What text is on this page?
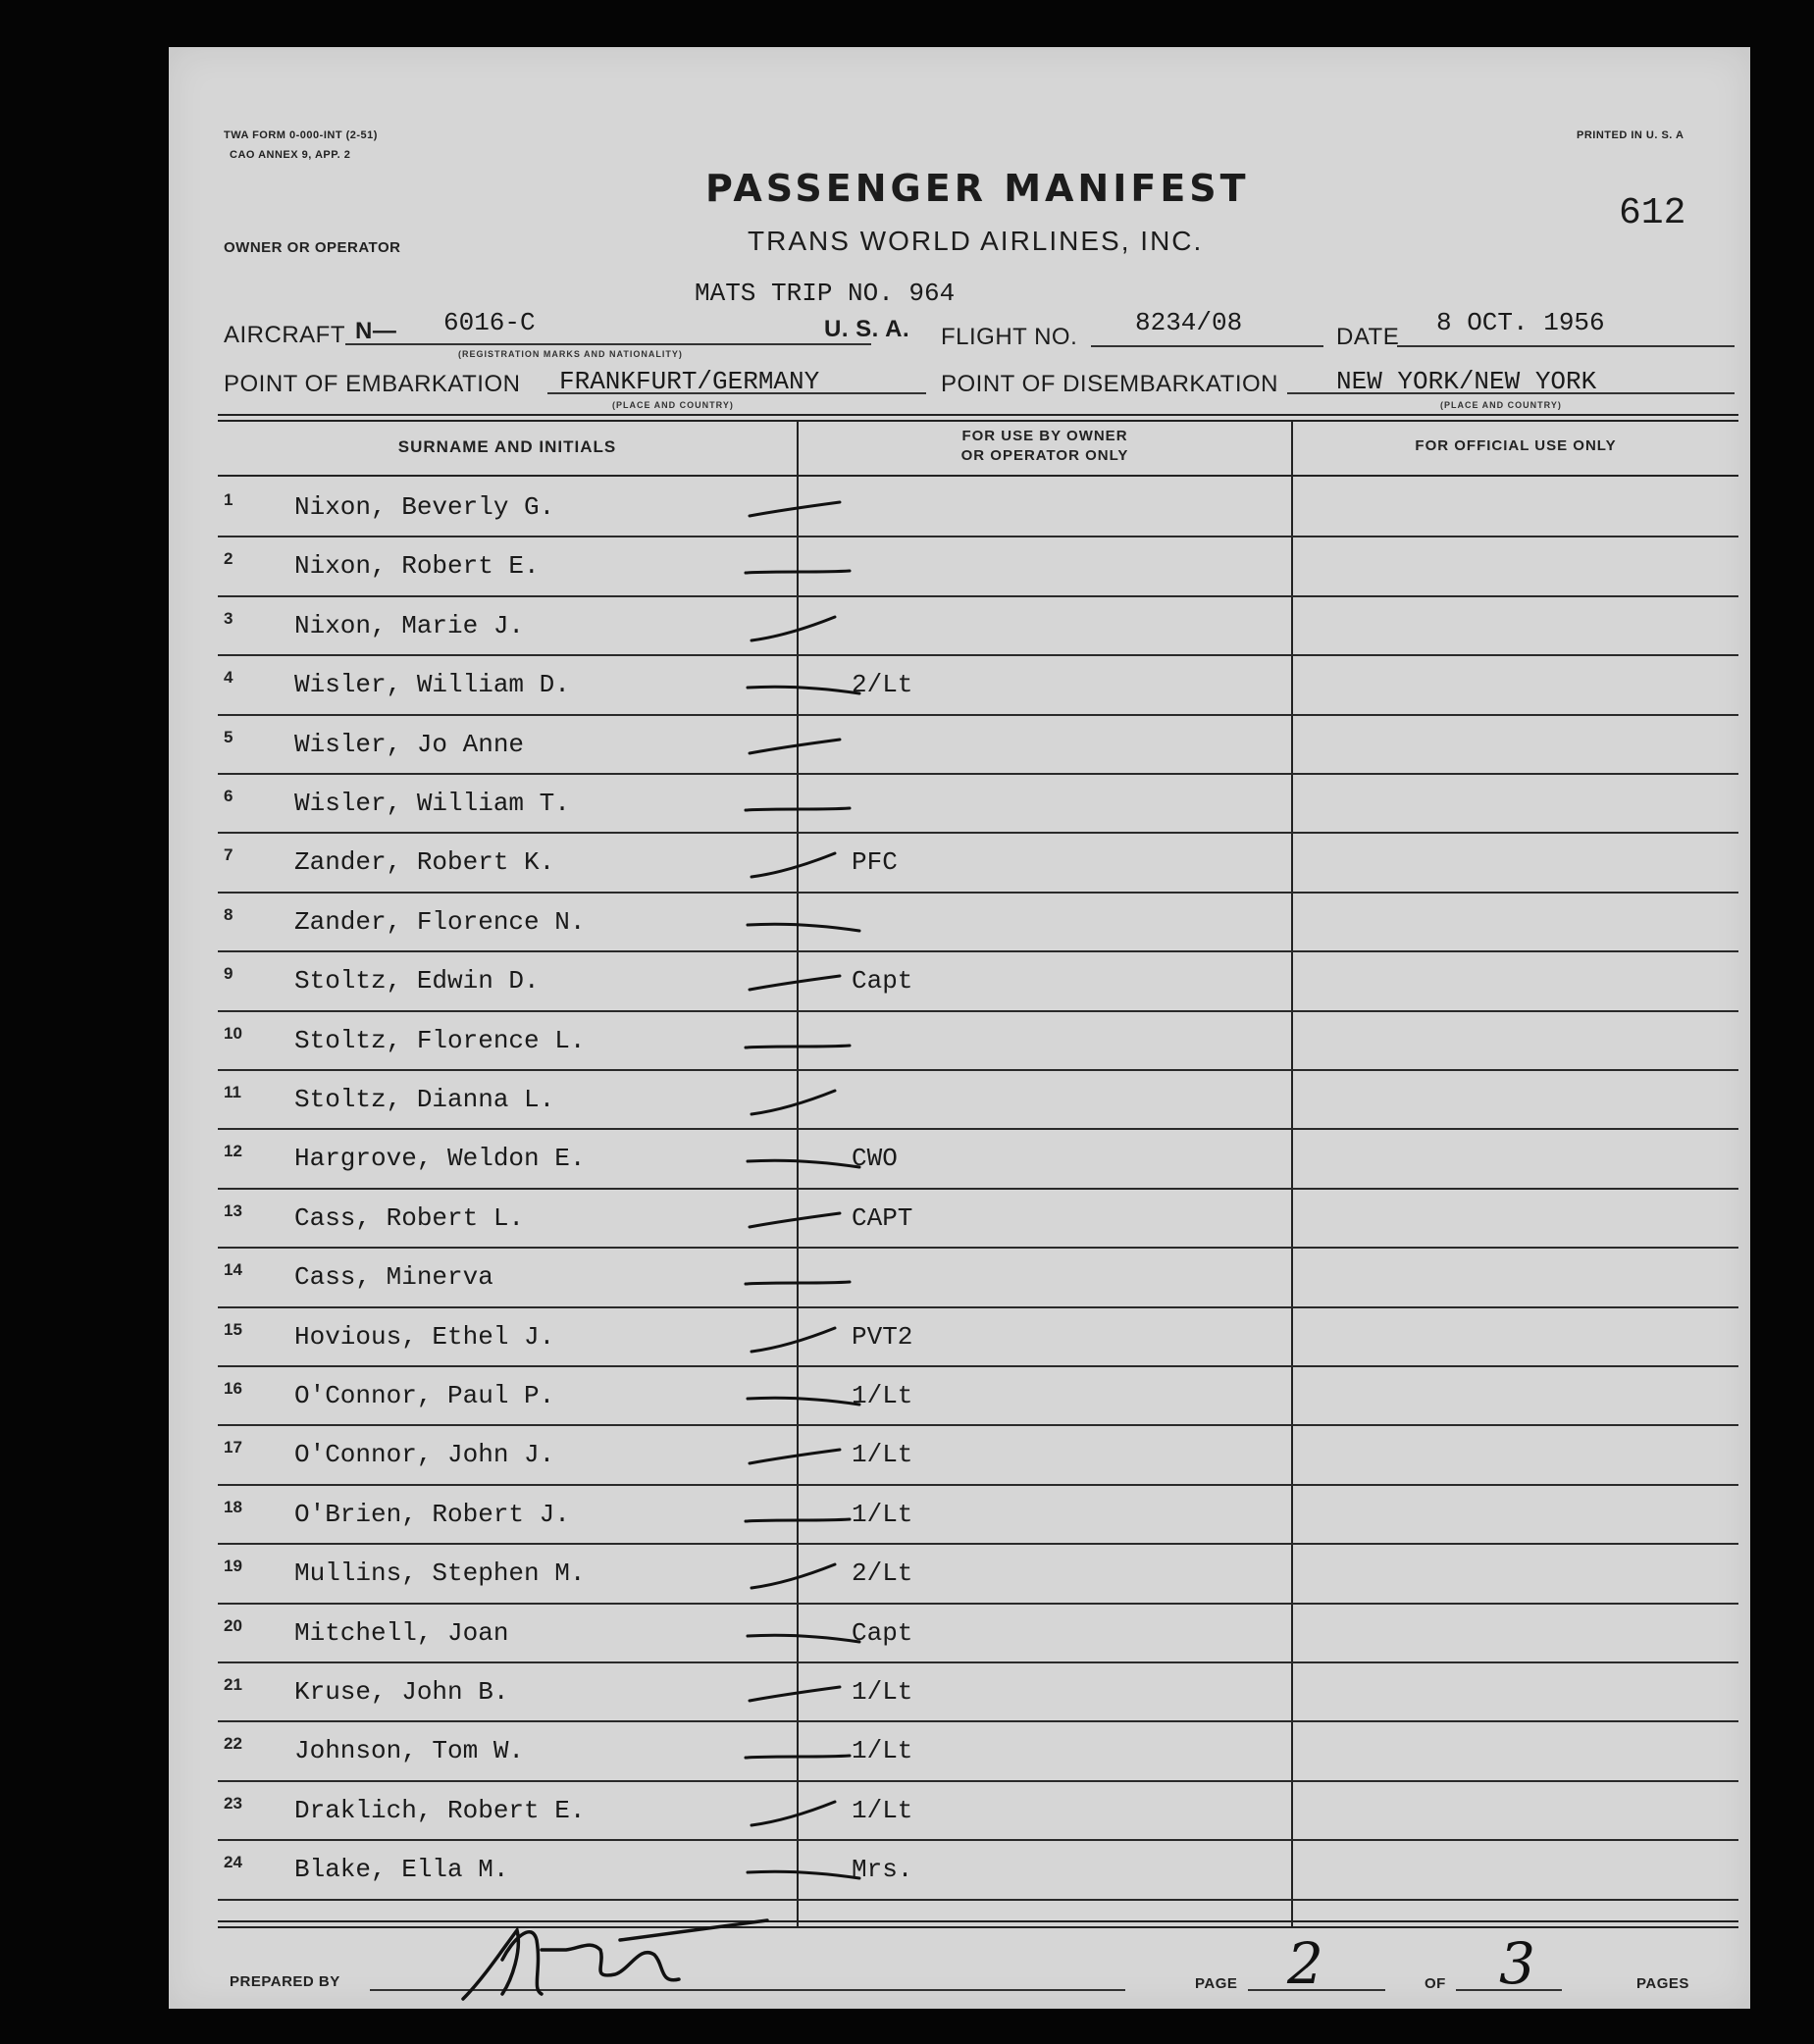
TWA FORM 0-000-INT (2-51)
CAO ANNEX 9, APP. 2
PRINTED IN U. S. A
PASSENGER MANIFEST
OWNER OR OPERATOR	TRANS WORLD AIRLINES, INC.
612
MATS TRIP NO. 964
AIRCRAFT N— 6016-C	U. S. A.
(REGISTRATION MARKS AND NATIONALITY)
FLIGHT NO. 8234/08	DATE 8 OCT. 1956
POINT OF EMBARKATION FRANKFURT/GERMANY
(PLACE AND COUNTRY)
POINT OF DISEMBARKATION NEW YORK/NEW YORK
(PLACE AND COUNTRY)
SURNAME AND INITIALS
FOR USE BY OWNER
OR OPERATOR ONLY
FOR OFFICIAL USE ONLY
1 Nixon, Beverly G.
2 Nixon, Robert E.
3 Nixon, Marie J.
4 Wisler, William D.	2/Lt
5 Wisler, Jo Anne
6 Wisler, William T.
7 Zander, Robert K.	PFC
8 Zander, Florence N.
9 Stoltz, Edwin D.	Capt
10 Stoltz, Florence L.
11 Stoltz, Dianna L.
12 Hargrove, Weldon E.	CWO
13 Cass, Robert L.	CAPT
14 Cass, Minerva
15 Hovious, Ethel J.	PVT2
16 O'Connor, Paul P.	1/Lt
17 O'Connor, John J.	1/Lt
18 O'Brien, Robert J.	1/Lt
19 Mullins, Stephen M.	2/Lt
20 Mitchell, Joan	Capt
21 Kruse, John B.	1/Lt
22 Johnson, Tom W.	1/Lt
23 Draklich, Robert E.	1/Lt
24 Blake, Ella M.	Mrs.
PREPARED BY	PAGE 2	OF 3	PAGES
